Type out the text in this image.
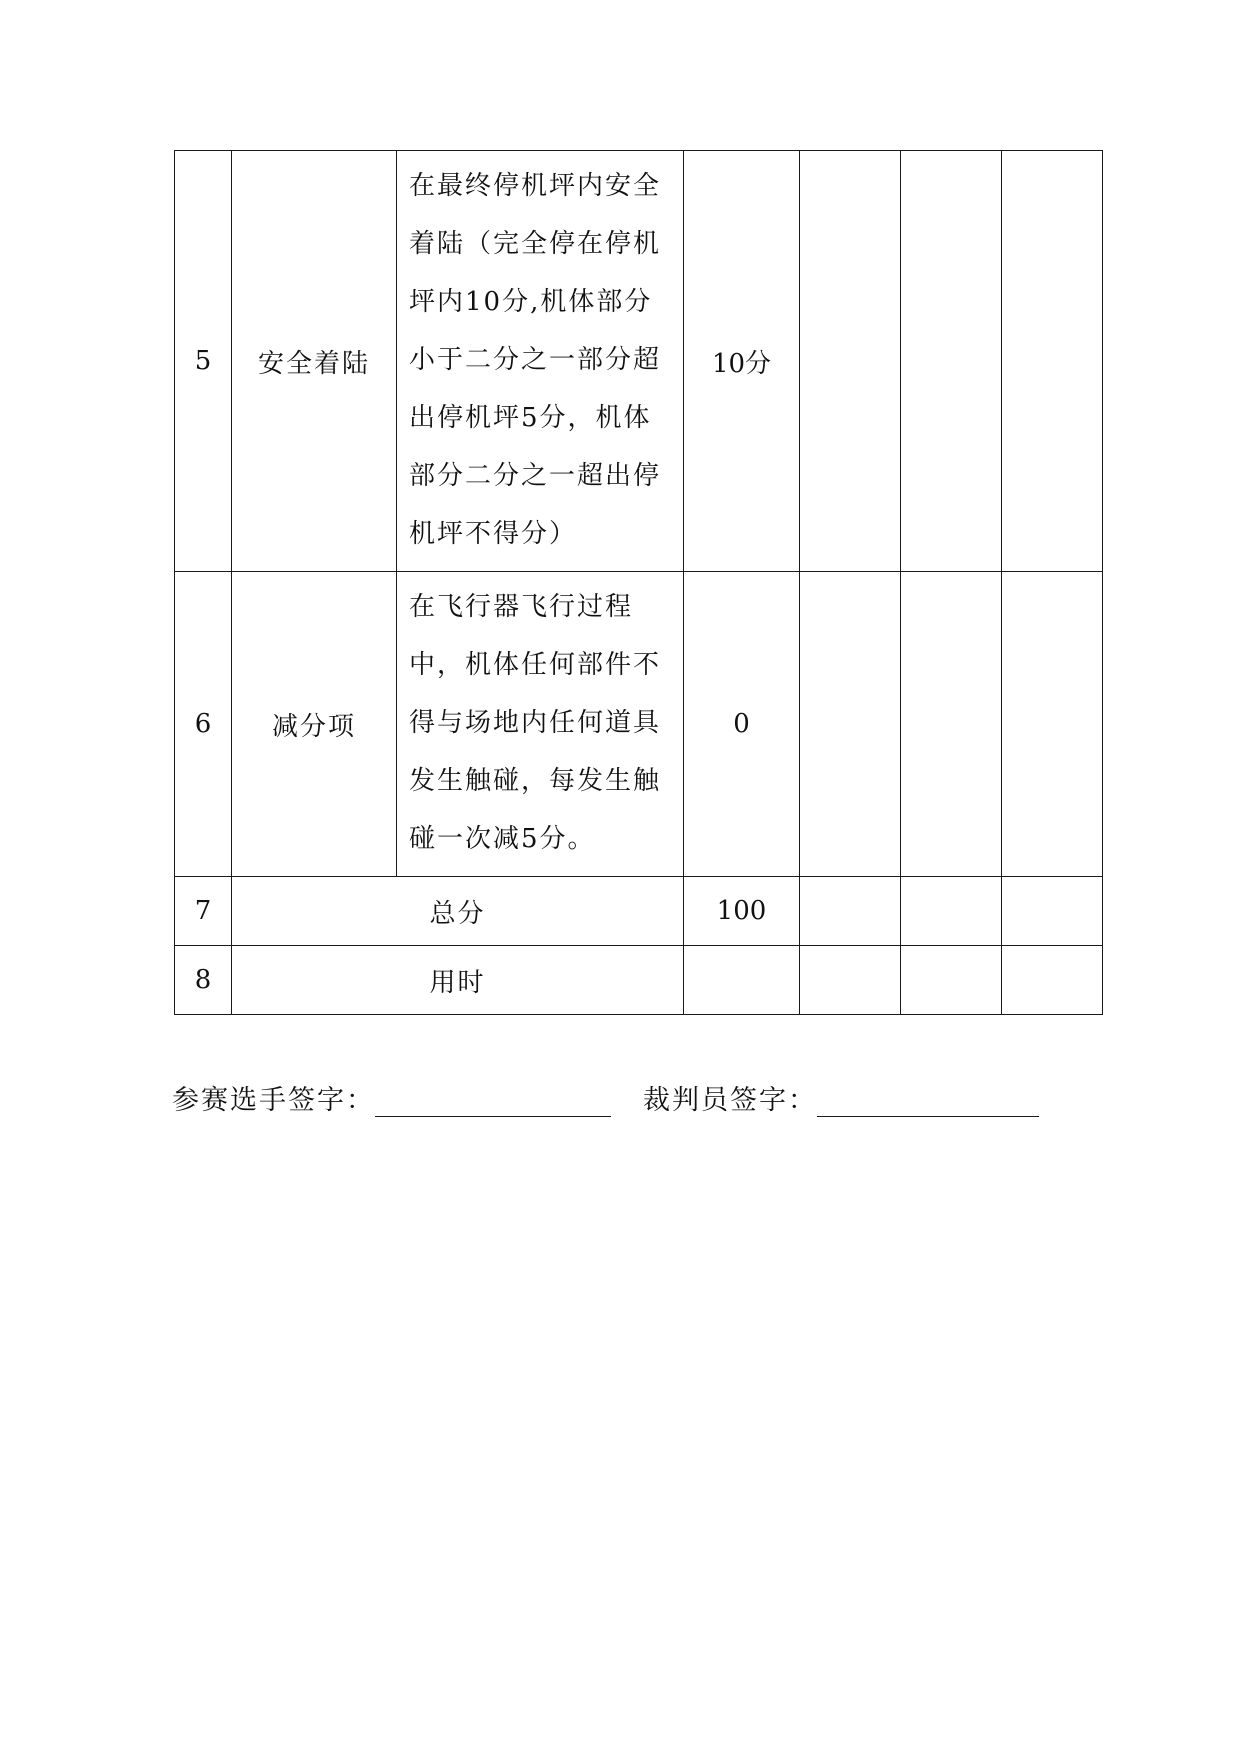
5	安全着陆	在最终停机坪内安全着陆（完全停在停机坪内10分,机体部分小于二分之一部分超出停机坪5分，机体部分二分之一超出停机坪不得分）	10分			
6	减分项	在飞行器飞行过程中，机体任何部件不得与场地内任何道具发生触碰，每发生触碰一次减5分。	0			
7	总分		100			
8	用时					
参赛选手签字：	裁判员签字：
